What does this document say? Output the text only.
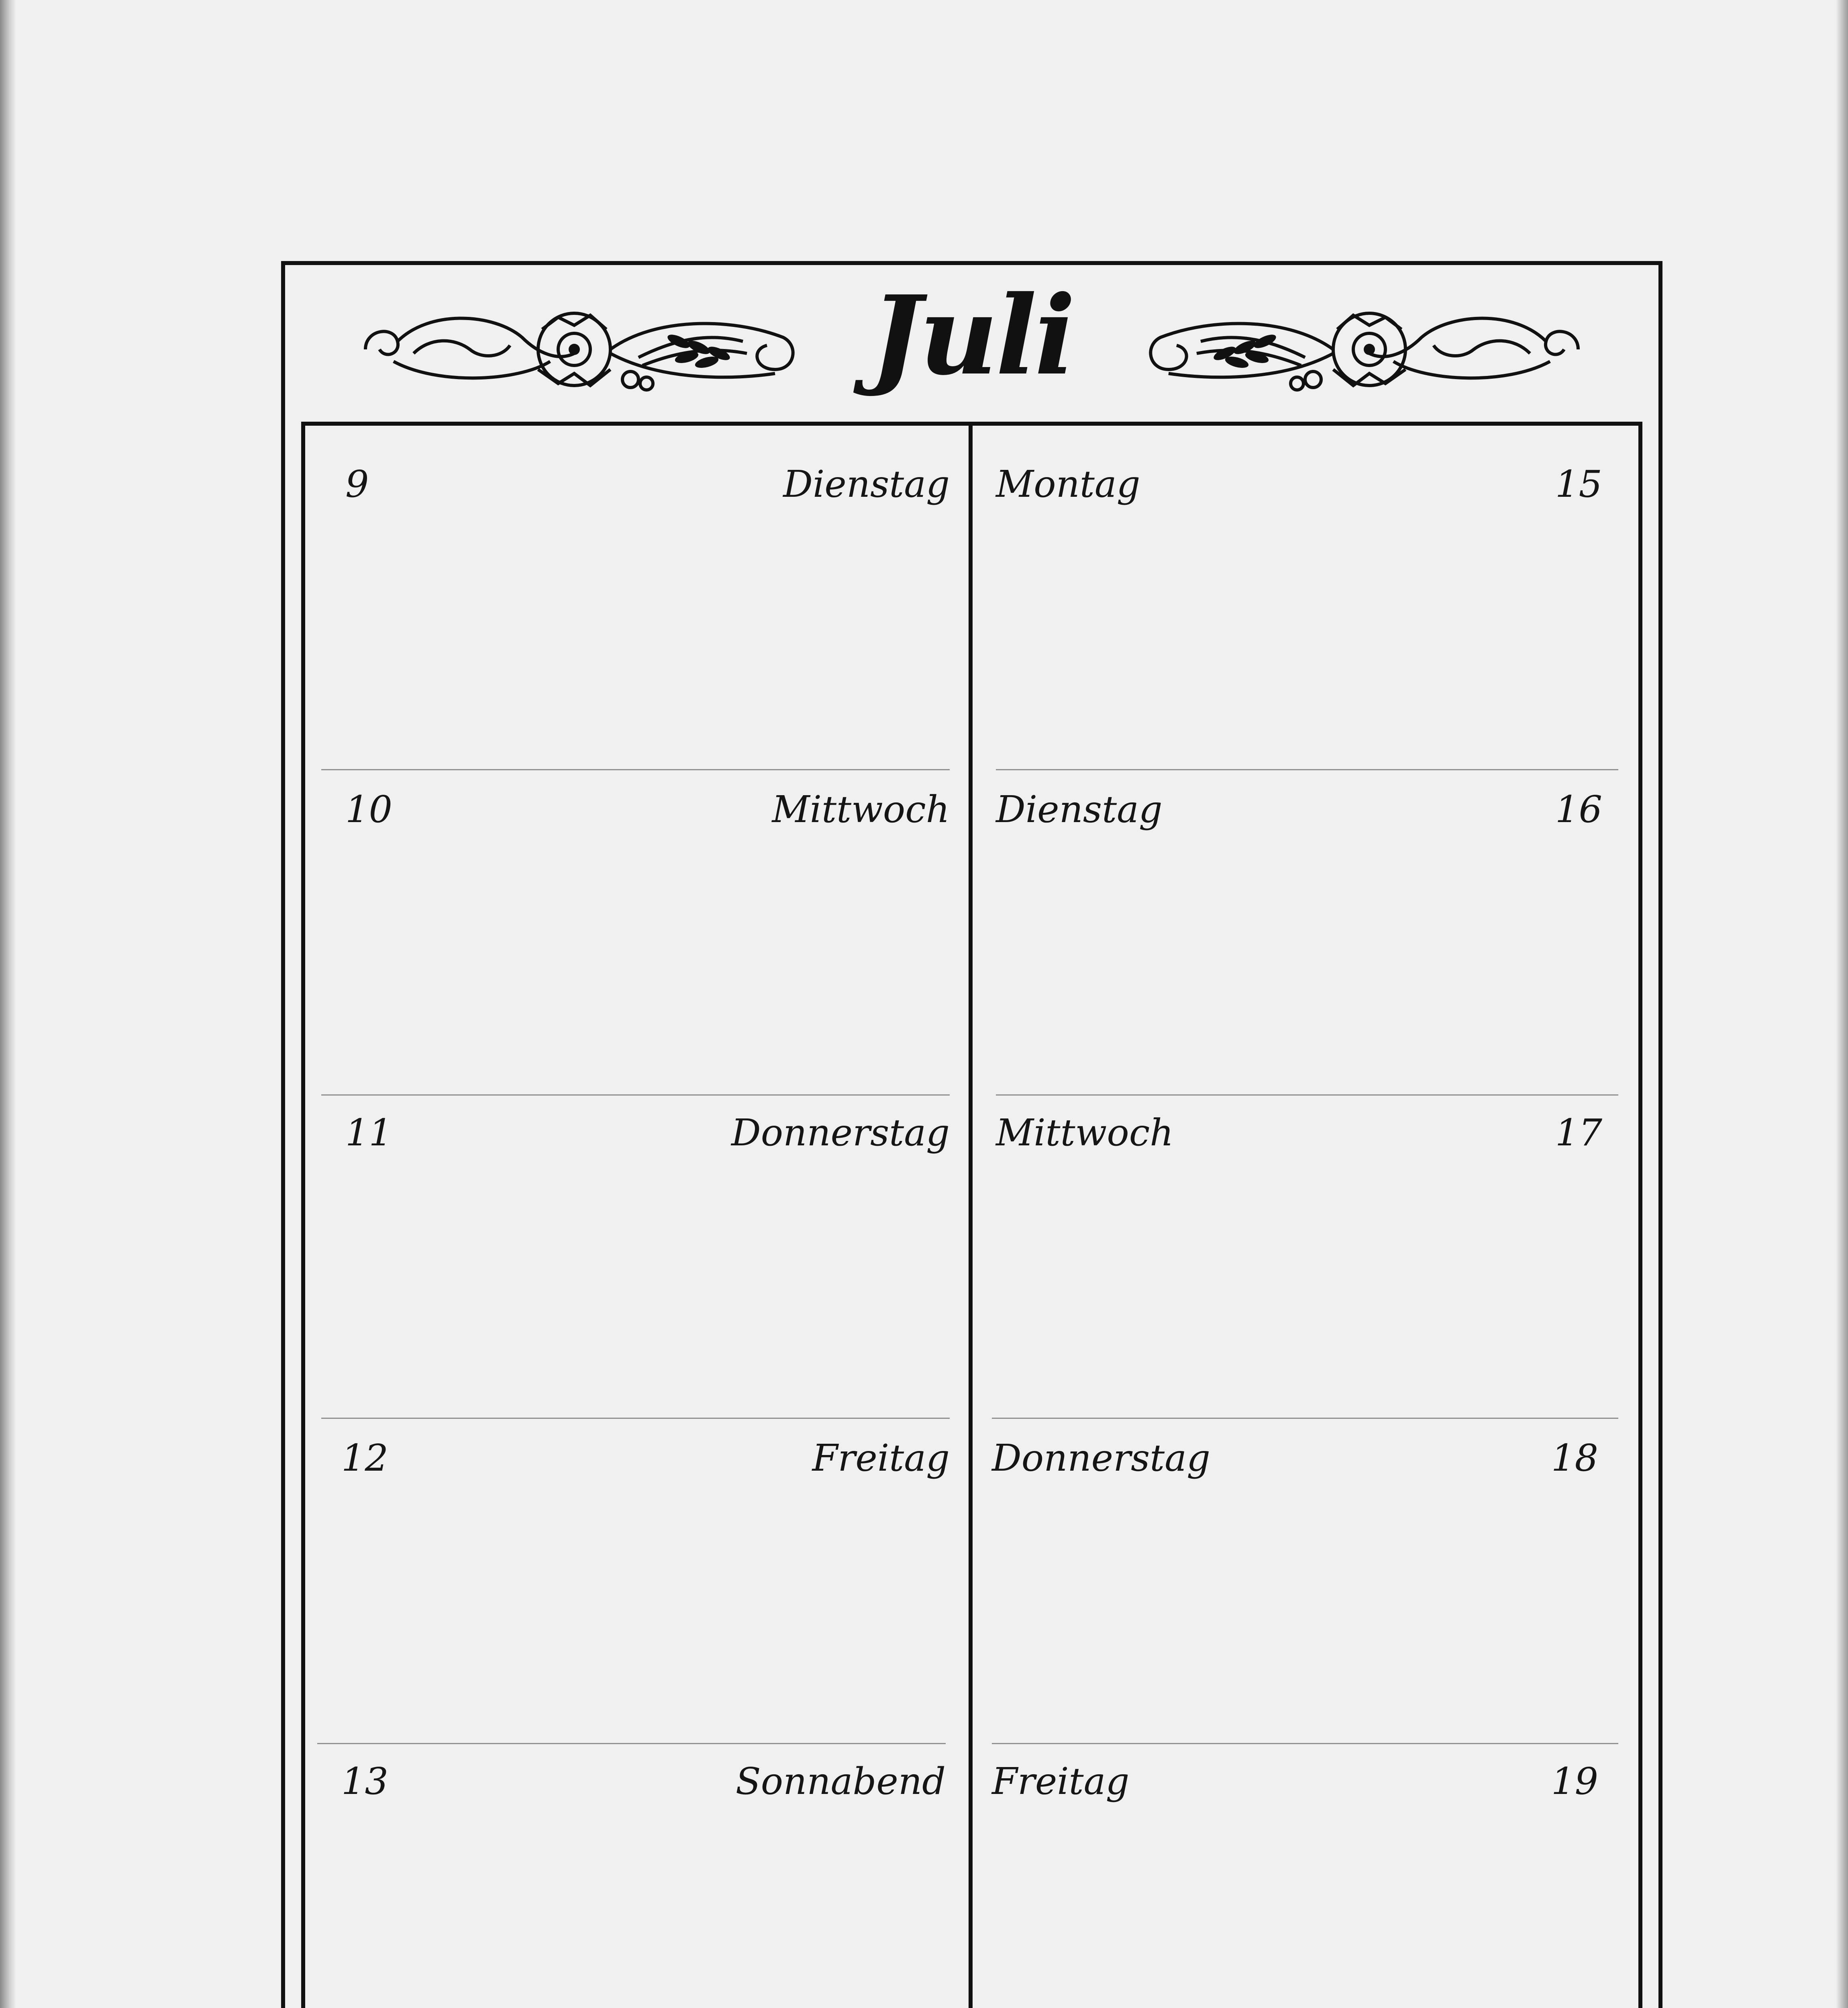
Juli
9	Dienstag
10	Mittwoch
11	Donnerstag
12	Freitag
13	Sonnabend
Montag	15
Dienstag	16
Mittwoch	17
Donnerstag	18
Freitag	19
